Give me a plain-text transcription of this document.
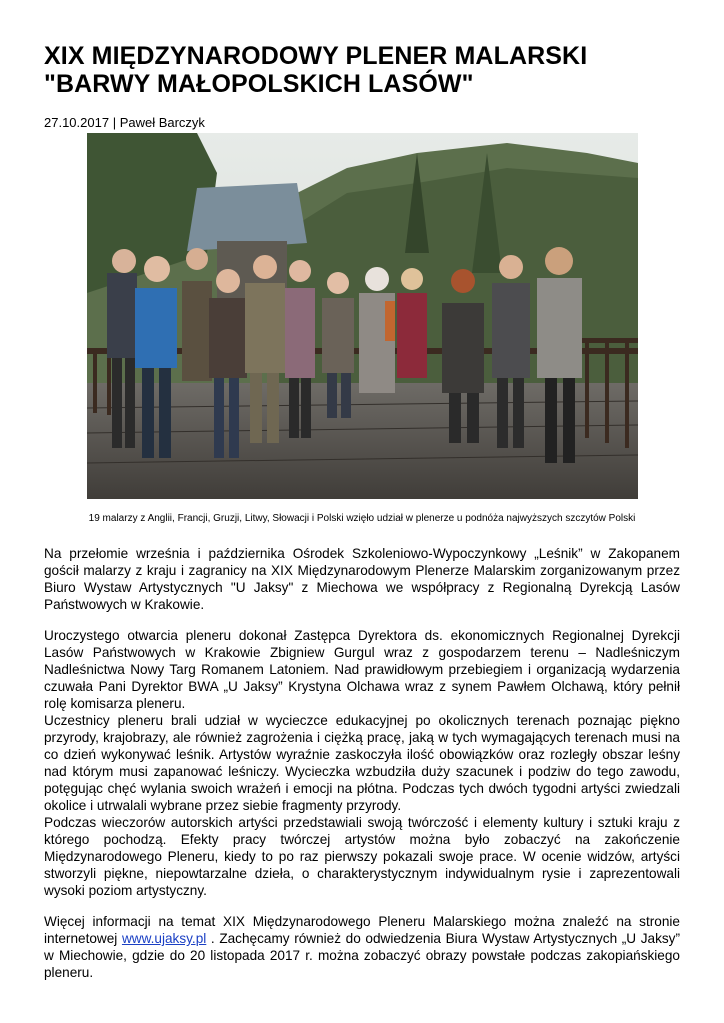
XIX MIĘDZYNARODOWY PLENER MALARSKI "BARWY MAŁOPOLSKICH LASÓW"
27.10.2017 | Paweł Barczyk

19 malarzy z Anglii, Francji, Gruzji, Litwy, Słowacji i Polski wzięło udział w plenerze u podnóża najwyższych szczytów Polski

Na przełomie września i października Ośrodek Szkoleniowo-Wypoczynkowy „Leśnik” w Zakopanem gościł malarzy z kraju i zagranicy na XIX Międzynarodowym Plenerze Malarskim zorganizowanym przez Biuro Wystaw Artystycznych "U Jaksy" z Miechowa we współpracy z Regionalną Dyrekcją Lasów Państwowych w Krakowie.

Uroczystego otwarcia pleneru dokonał Zastępca Dyrektora ds. ekonomicznych Regionalnej Dyrekcji Lasów Państwowych w Krakowie Zbigniew Gurgul wraz z gospodarzem terenu – Nadleśniczym Nadleśnictwa Nowy Targ Romanem Latoniem. Nad prawidłowym przebiegiem i organizacją wydarzenia czuwała Pani Dyrektor BWA „U Jaksy” Krystyna Olchawa wraz z synem Pawłem Olchawą, który pełnił rolę komisarza pleneru.

Uczestnicy pleneru brali udział w wycieczce edukacyjnej po okolicznych terenach poznając piękno przyrody, krajobrazy, ale również zagrożenia i ciężką pracę, jaką w tych wymagających terenach musi na co dzień wykonywać leśnik. Artystów wyraźnie zaskoczyła ilość obowiązków oraz rozległy obszar leśny nad którym musi zapanować leśniczy. Wycieczka wzbudziła duży szacunek i podziw do tego zawodu, potęgując chęć wylania swoich wrażeń i emocji na płótna. Podczas tych dwóch tygodni artyści zwiedzali okolice i utrwalali wybrane przez siebie fragmenty przyrody.

Podczas wieczorów autorskich artyści przedstawiali swoją twórczość i elementy kultury i sztuki kraju z którego pochodzą. Efekty pracy twórczej artystów można było zobaczyć na zakończenie Międzynarodowego Pleneru, kiedy to po raz pierwszy pokazali swoje prace. W ocenie widzów, artyści stworzyli piękne, niepowtarzalne dzieła, o charakterystycznym indywidualnym rysie i zaprezentowali wysoki poziom artystyczny.

Więcej informacji na temat XIX Międzynarodowego Pleneru Malarskiego można znaleźć na stronie internetowej www.ujaksy.pl . Zachęcamy również do odwiedzenia Biura Wystaw Artystycznych „U Jaksy” w Miechowie, gdzie do 20 listopada 2017 r. można zobaczyć obrazy powstałe podczas zakopiańskiego pleneru.
